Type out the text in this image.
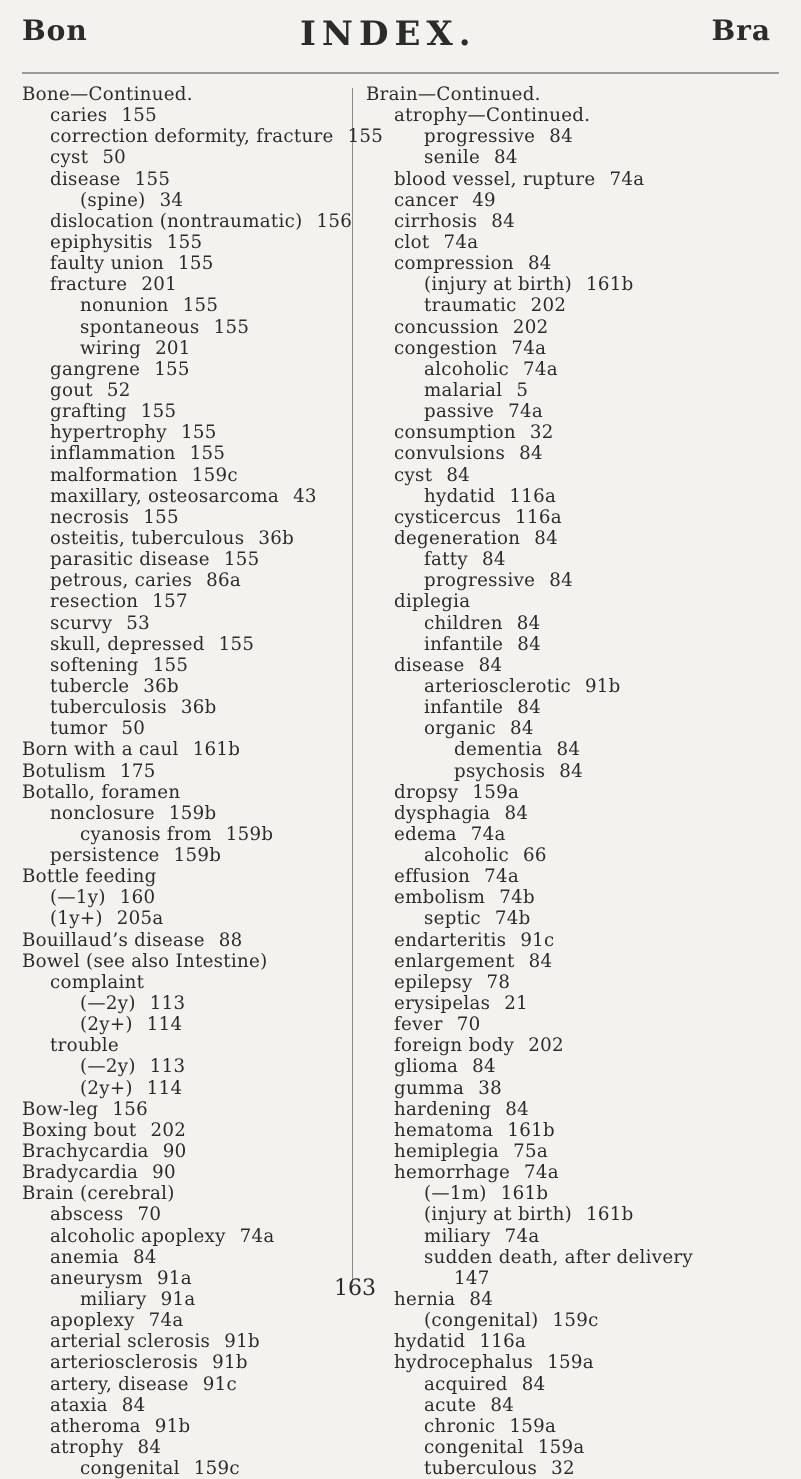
Bon	INDEX.	Bra
Bone—Continued.
caries 155
correction deformity, fracture 155
cyst 50
disease 155
(spine) 34
dislocation (nontraumatic) 156
epiphysitis 155
faulty union 155
fracture 201
nonunion 155
spontaneous 155
wiring 201
gangrene 155
gout 52
grafting 155
hypertrophy 155
inflammation 155
malformation 159c
maxillary, osteosarcoma 43
necrosis 155
osteitis, tuberculous 36b
parasitic disease 155
petrous, caries 86a
resection 157
scurvy 53
skull, depressed 155
softening 155
tubercle 36b
tuberculosis 36b
tumor 50
Born with a caul 161b
Botulism 175
Botallo, foramen
nonclosure 159b
cyanosis from 159b
persistence 159b
Bottle feeding
(—1y) 160
(1y+) 205a
Bouillaud’s disease 88
Bowel (see also Intestine)
complaint
(—2y) 113
(2y+) 114
trouble
(—2y) 113
(2y+) 114
Bow-leg 156
Boxing bout 202
Brachycardia 90
Bradycardia 90
Brain (cerebral)
abscess 70
alcoholic apoplexy 74a
anemia 84
aneurysm 91a
miliary 91a
apoplexy 74a
arterial sclerosis 91b
arteriosclerosis 91b
artery, disease 91c
ataxia 84
atheroma 91b
atrophy 84
congenital 159c
Brain—Continued.
atrophy—Continued.
progressive 84
senile 84
blood vessel, rupture 74a
cancer 49
cirrhosis 84
clot 74a
compression 84
(injury at birth) 161b
traumatic 202
concussion 202
congestion 74a
alcoholic 74a
malarial 5
passive 74a
consumption 32
convulsions 84
cyst 84
hydatid 116a
cysticercus 116a
degeneration 84
fatty 84
progressive 84
diplegia
children 84
infantile 84
disease 84
arteriosclerotic 91b
infantile 84
organic 84
dementia 84
psychosis 84
dropsy 159a
dysphagia 84
edema 74a
alcoholic 66
effusion 74a
embolism 74b
septic 74b
endarteritis 91c
enlargement 84
epilepsy 78
erysipelas 21
fever 70
foreign body 202
glioma 84
gumma 38
hardening 84
hematoma 161b
hemiplegia 75a
hemorrhage 74a
(—1m) 161b
(injury at birth) 161b
miliary 74a
sudden death, after delivery
147
hernia 84
(congenital) 159c
hydatid 116a
hydrocephalus 159a
acquired 84
acute 84
chronic 159a
congenital 159a
tuberculous 32
163
